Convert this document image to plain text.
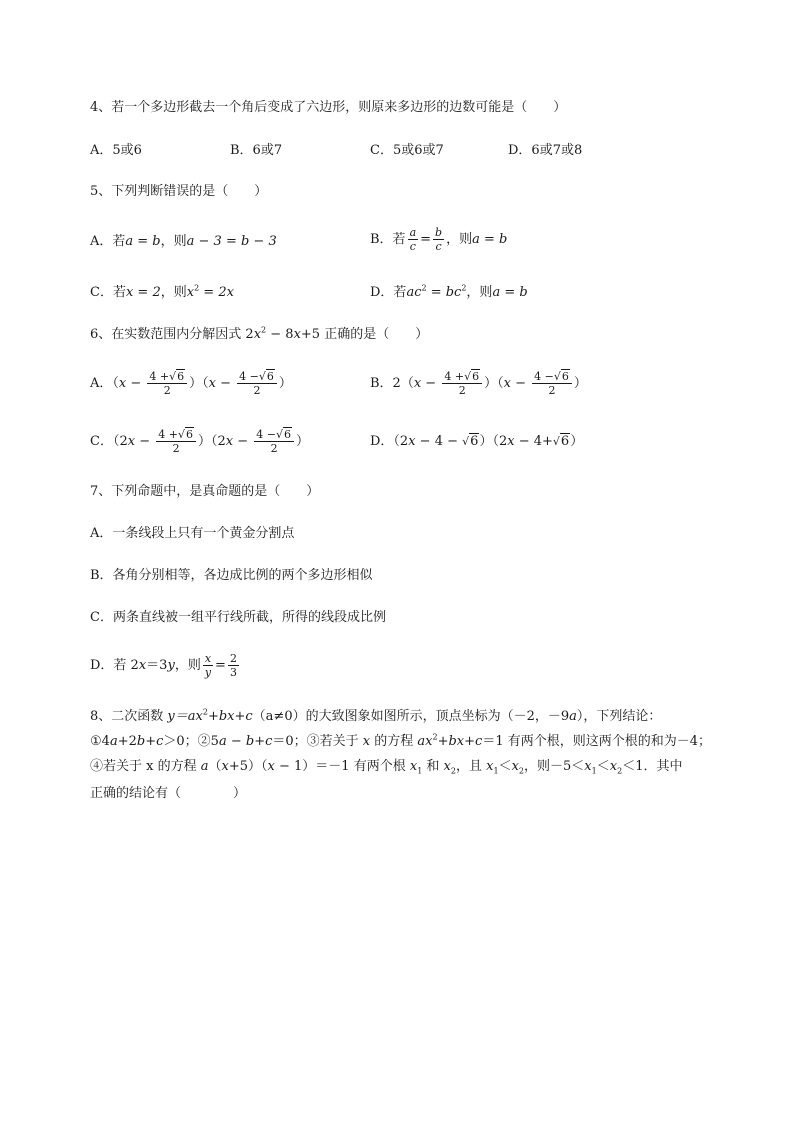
4、若一个多边形截去一个角后变成了六边形，则原来多边形的边数可能是（　　）
A．5或6	B．6或7	C．5或6或7	D．6或7或8
5、下列判断错误的是（　　）
A．若a = b，则a − 3 = b − 3	B．若 $\frac{a}{c} = \frac{b}{c}$ ，则a = b
C．若x = 2，则$x^2 = 2x$	D．若$ac^2 = bc^2$，则a = b
6、在实数范围内分解因式 $2x^2 - 8x+5$ 正确的是（　　）
A．$(x - \frac{4 +√6}{2} )(x - \frac{4 -√6}{2}$ ）	B．$2(x - \frac{4 +√6}{2} )(x - \frac{4 -√6}{2}$ ）
C．$(2x - \frac{4 +√6}{2} )(2x - \frac{4 -√6}{2}$ ）	D．（2x − 4 − √6）（2x − 4+√6）
7、下列命题中，是真命题的是（　　）
A．一条线段上只有一个黄金分割点
B．各角分别相等，各边成比例的两个多边形相似
C．两条直线被一组平行线所截，所得的线段成比例
D．若 2x＝3y，则 $\frac{x}{y} = \frac{2}{3}$
8、二次函数 $y=ax^2+bx+c(a\ne 0)$的大致图象如图所示，顶点坐标为（－2，－9a），下列结论：
①4a+2b+c＞0；②5a − b+c＝0；③若关于 x 的方程 $ax^2+bx+c=1$ 有两个根，则这两个根的和为－4；
④若关于 x 的方程 a（x+5）（x − 1）＝－1 有两个根 $x_1$ 和 $x_2$，且 $x_1<x_2$，则$-5<x_1<x_2<1$．其中
正确的结论有（　　　　）
